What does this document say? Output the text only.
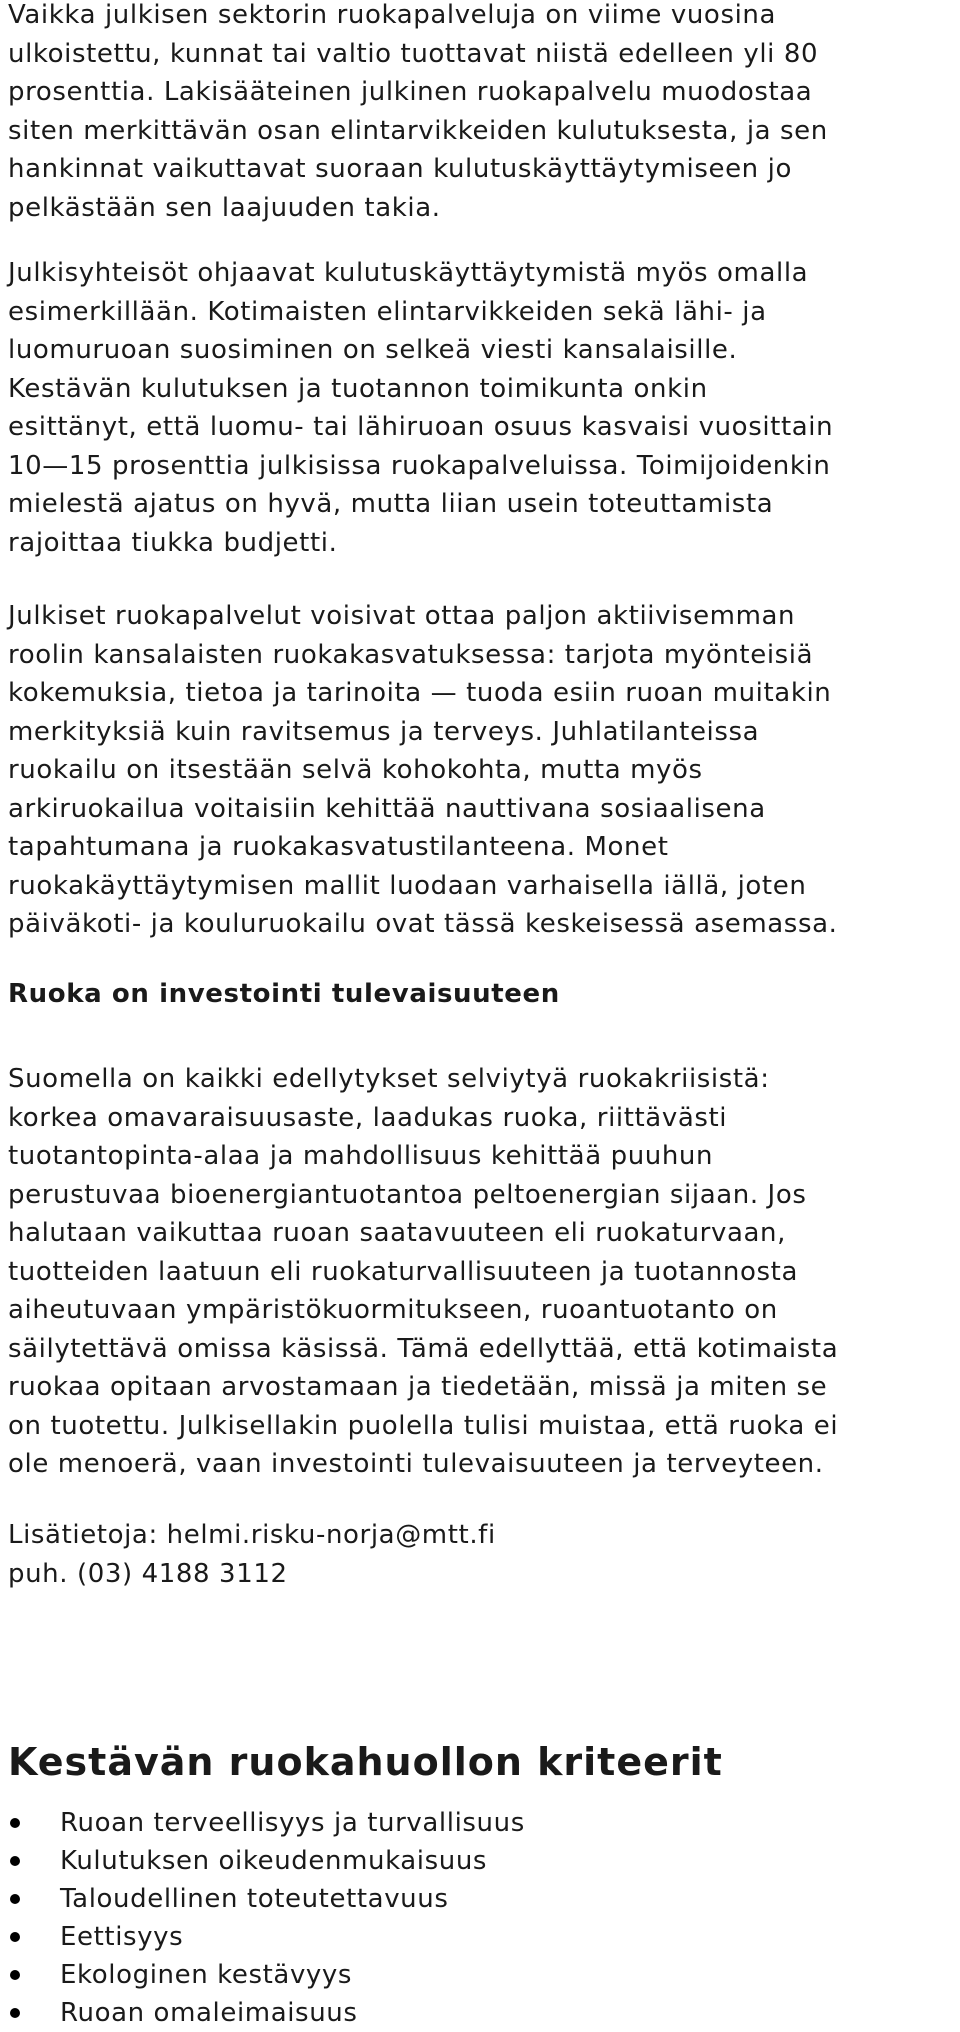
Vaikka julkisen sektorin ruokapalveluja on viime vuosina
ulkoistettu, kunnat tai valtio tuottavat niistä edelleen yli 80
prosenttia. Lakisääteinen julkinen ruokapalvelu muodostaa
siten merkittävän osan elintarvikkeiden kulutuksesta, ja sen
hankinnat vaikuttavat suoraan kulutuskäyttäytymiseen jo
pelkästään sen laajuuden takia.

Julkisyhteisöt ohjaavat kulutuskäyttäytymistä myös omalla
esimerkillään. Kotimaisten elintarvikkeiden sekä lähi- ja
luomuruoan suosiminen on selkeä viesti kansalaisille.
Kestävän kulutuksen ja tuotannon toimikunta onkin
esittänyt, että luomu- tai lähiruoan osuus kasvaisi vuosittain
10—15 prosenttia julkisissa ruokapalveluissa. Toimijoidenkin
mielestä ajatus on hyvä, mutta liian usein toteuttamista
rajoittaa tiukka budjetti.

Julkiset ruokapalvelut voisivat ottaa paljon aktiivisemman
roolin kansalaisten ruokakasvatuksessa: tarjota myönteisiä
kokemuksia, tietoa ja tarinoita — tuoda esiin ruoan muitakin
merkityksiä kuin ravitsemus ja terveys. Juhlatilanteissa
ruokailu on itsestään selvä kohokohta, mutta myös
arkiruokailua voitaisiin kehittää nauttivana sosiaalisena
tapahtumana ja ruokakasvatustilanteena. Monet
ruokakäyttäytymisen mallit luodaan varhaisella iällä, joten
päiväkoti- ja kouluruokailu ovat tässä keskeisessä asemassa.

Ruoka on investointi tulevaisuuteen

Suomella on kaikki edellytykset selviytyä ruokakriisistä:
korkea omavaraisuusaste, laadukas ruoka, riittävästi
tuotantopinta-alaa ja mahdollisuus kehittää puuhun
perustuvaa bioenergiantuotantoa peltoenergian sijaan. Jos
halutaan vaikuttaa ruoan saatavuuteen eli ruokaturvaan,
tuotteiden laatuun eli ruokaturvallisuuteen ja tuotannosta
aiheutuvaan ympäristökuormitukseen, ruoantuotanto on
säilytettävä omissa käsissä. Tämä edellyttää, että kotimaista
ruokaa opitaan arvostamaan ja tiedetään, missä ja miten se
on tuotettu. Julkisellakin puolella tulisi muistaa, että ruoka ei
ole menoerä, vaan investointi tulevaisuuteen ja terveyteen.

Lisätietoja: helmi.risku-norja@mtt.fi
puh. (03) 4188 3112

Kestävän ruokahuollon kriteerit
Ruoan terveellisyys ja turvallisuus
Kulutuksen oikeudenmukaisuus
Taloudellinen toteutettavuus
Eettisyys
Ekologinen kestävyys
Ruoan omaleimaisuus
